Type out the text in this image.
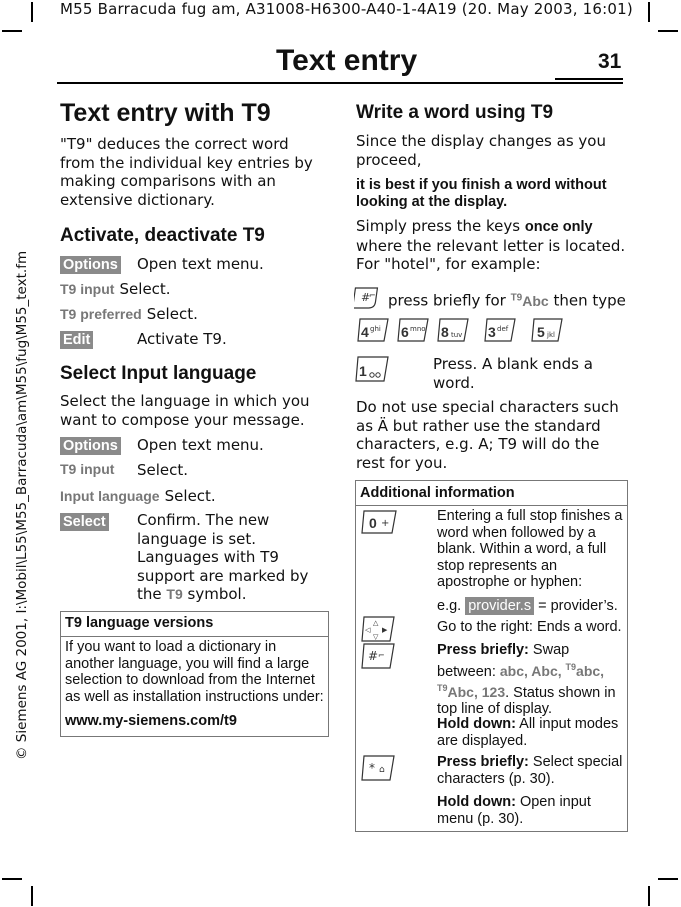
M55 Barracuda fug am, A31008-H6300-A40-1-4A19 (20. May 2003, 16:01)
Text entry	31
© Siemens AG 2001, I:\Mobil\L55\M55_Barracuda\am\M55\fug\M55_text.fm
Text entry with T9
"T9" deduces the correct word from the individual key entries by making comparisons with an extensive dictionary.
Activate, deactivate T9
Options Open text menu.
T9 input Select.
T9 preferred Select.
Edit	Activate T9.
Select Input language
Select the language in which you want to compose your message.
Options Open text menu.
T9 input Select.
Input language Select.
Select Confirm. The new language is set. Languages with T9 support are marked by the T9 symbol.
T9 language versions
If you want to load a dictionary in another language, you will find a large selection to download from the Internet as well as installation instructions under:
www.my-siemens.com/t9
Write a word using T9
Since the display changes as you proceed,
it is best if you finish a word without looking at the display.
Simply press the keys once only where the relevant letter is located. For "hotel", for example:
#
⌐ press briefly for $^{T9}$Abc then type
4 ghi 6 mno 8 tuv 3 def 5 jkl
1	Press. A blank ends a word.
Do not use special characters such as Ä but rather use the standard characters, e.g. A; T9 will do the rest for you.
Additional information
0 +	Entering a full stop finishes a word when followed by a blank. Within a word, a full stop represents an apostrophe or hyphen:
e.g. provider.s = provider’s.
△
◁ ▶
▽
Go to the right: Ends a word.
# ⌐	Press briefly: Swap between: abc, Abc, $^{T9}$abc, $^{T9}$Abc, 123. Status shown in top line of display.
Hold down: All input modes are displayed.
* ⌂	Press briefly: Select special characters (p. 30).
Hold down: Open input menu (p. 30).
